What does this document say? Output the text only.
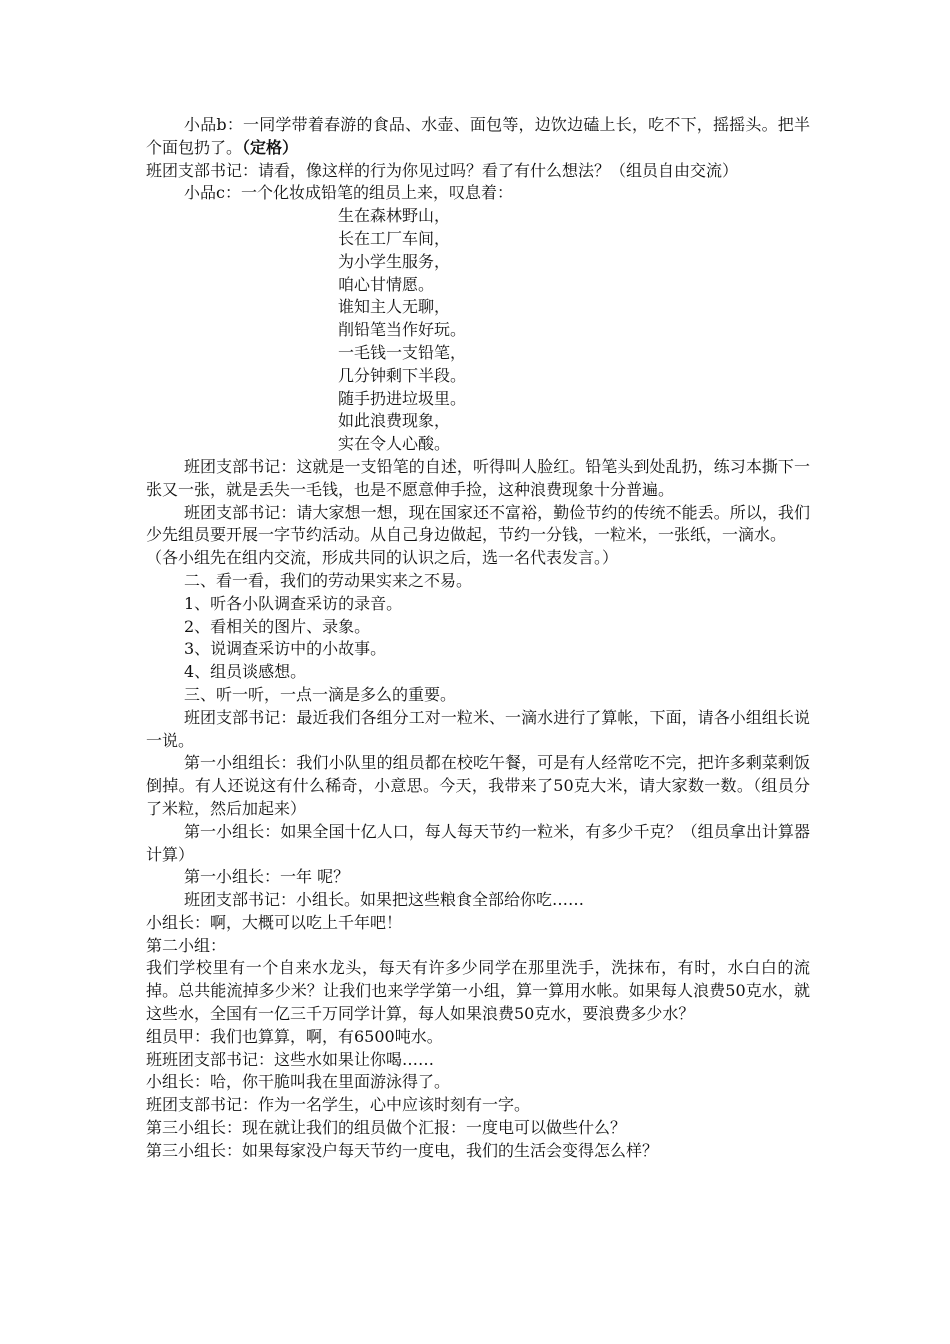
小品b：一同学带着春游的食品、水壶、面包等，边饮边磕上长，吃不下，摇摇头。把半个面包扔了。（定格）

班团支部书记：请看，像这样的行为你见过吗？看了有什么想法？（组员自由交流）

小品c：一个化妆成铅笔的组员上来，叹息着：

生在森林野山，
长在工厂车间，
为小学生服务，
咱心甘情愿。
谁知主人无聊，
削铅笔当作好玩。
一毛钱一支铅笔，
几分钟剩下半段。
随手扔进垃圾里。
如此浪费现象，
实在令人心酸。

班团支部书记：这就是一支铅笔的自述，听得叫人脸红。铅笔头到处乱扔，练习本撕下一张又一张，就是丢失一毛钱，也是不愿意伸手捡，这种浪费现象十分普遍。

班团支部书记：请大家想一想，现在国家还不富裕，勤俭节约的传统不能丢。所以，我们少先组员要开展一字节约活动。从自己身边做起，节约一分钱，一粒米，一张纸，一滴水。

（各小组先在组内交流，形成共同的认识之后，选一名代表发言。）

二、看一看，我们的劳动果实来之不易。

1、听各小队调查采访的录音。

2、看相关的图片、录象。

3、说调查采访中的小故事。

4、组员谈感想。

三、听一听，一点一滴是多么的重要。

班团支部书记：最近我们各组分工对一粒米、一滴水进行了算帐，下面，请各小组组长说一说。

第一小组组长：我们小队里的组员都在校吃午餐，可是有人经常吃不完，把许多剩菜剩饭倒掉。有人还说这有什么稀奇，小意思。今天，我带来了50克大米，请大家数一数。（组员分了米粒，然后加起来）

第一小组长：如果全国十亿人口，每人每天节约一粒米，有多少千克？（组员拿出计算器计算）

第一小组长：一年 呢？

班团支部书记：小组长。如果把这些粮食全部给你吃……

小组长：啊，大概可以吃上千年吧！

第二小组：

我们学校里有一个自来水龙头，每天有许多少同学在那里洗手，洗抹布，有时，水白白的流掉。总共能流掉多少米？让我们也来学学第一小组，算一算用水帐。如果每人浪费50克水，就这些水，全国有一亿三千万同学计算，每人如果浪费50克水，要浪费多少水？

组员甲：我们也算算，啊，有6500吨水。

班班团支部书记：这些水如果让你喝……

小组长：哈，你干脆叫我在里面游泳得了。

班团支部书记：作为一名学生，心中应该时刻有一字。

第三小组长：现在就让我们的组员做个汇报：一度电可以做些什么？

第三小组长：如果每家没户每天节约一度电，我们的生活会变得怎么样？
